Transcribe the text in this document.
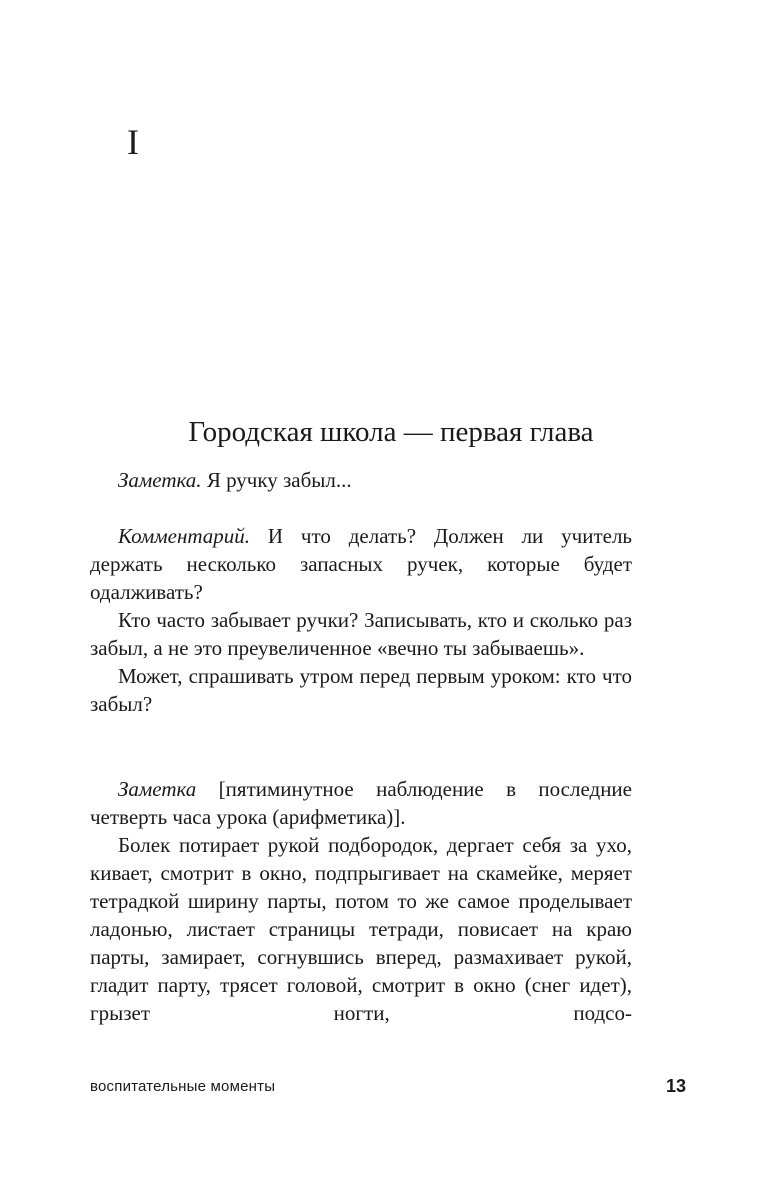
I
Городская школа — первая глава

Заметка. Я ручку забыл...

Комментарий. И что делать? Должен ли учитель держать несколько запасных ручек, которые будет одалживать?

Кто часто забывает ручки? Записывать, кто и сколько раз забыл, а не это преувеличенное «вечно ты забываешь».

Может, спрашивать утром перед первым уроком: кто что забыл?

Заметка [пятиминутное наблюдение в последние четверть часа урока (арифметика)].

Болек потирает рукой подбородок, дергает себя за ухо, кивает, смотрит в окно, подпрыгивает на скамейке, меряет тетрадкой ширину парты, потом то же самое проделывает ладонью, листает страницы тетради, повисает на краю парты, замирает, согнувшись вперед, размахивает рукой, гладит парту, трясет головой, смотрит в окно (снег идет), грызет ногти, подсо-

воспитательные моменты	13
